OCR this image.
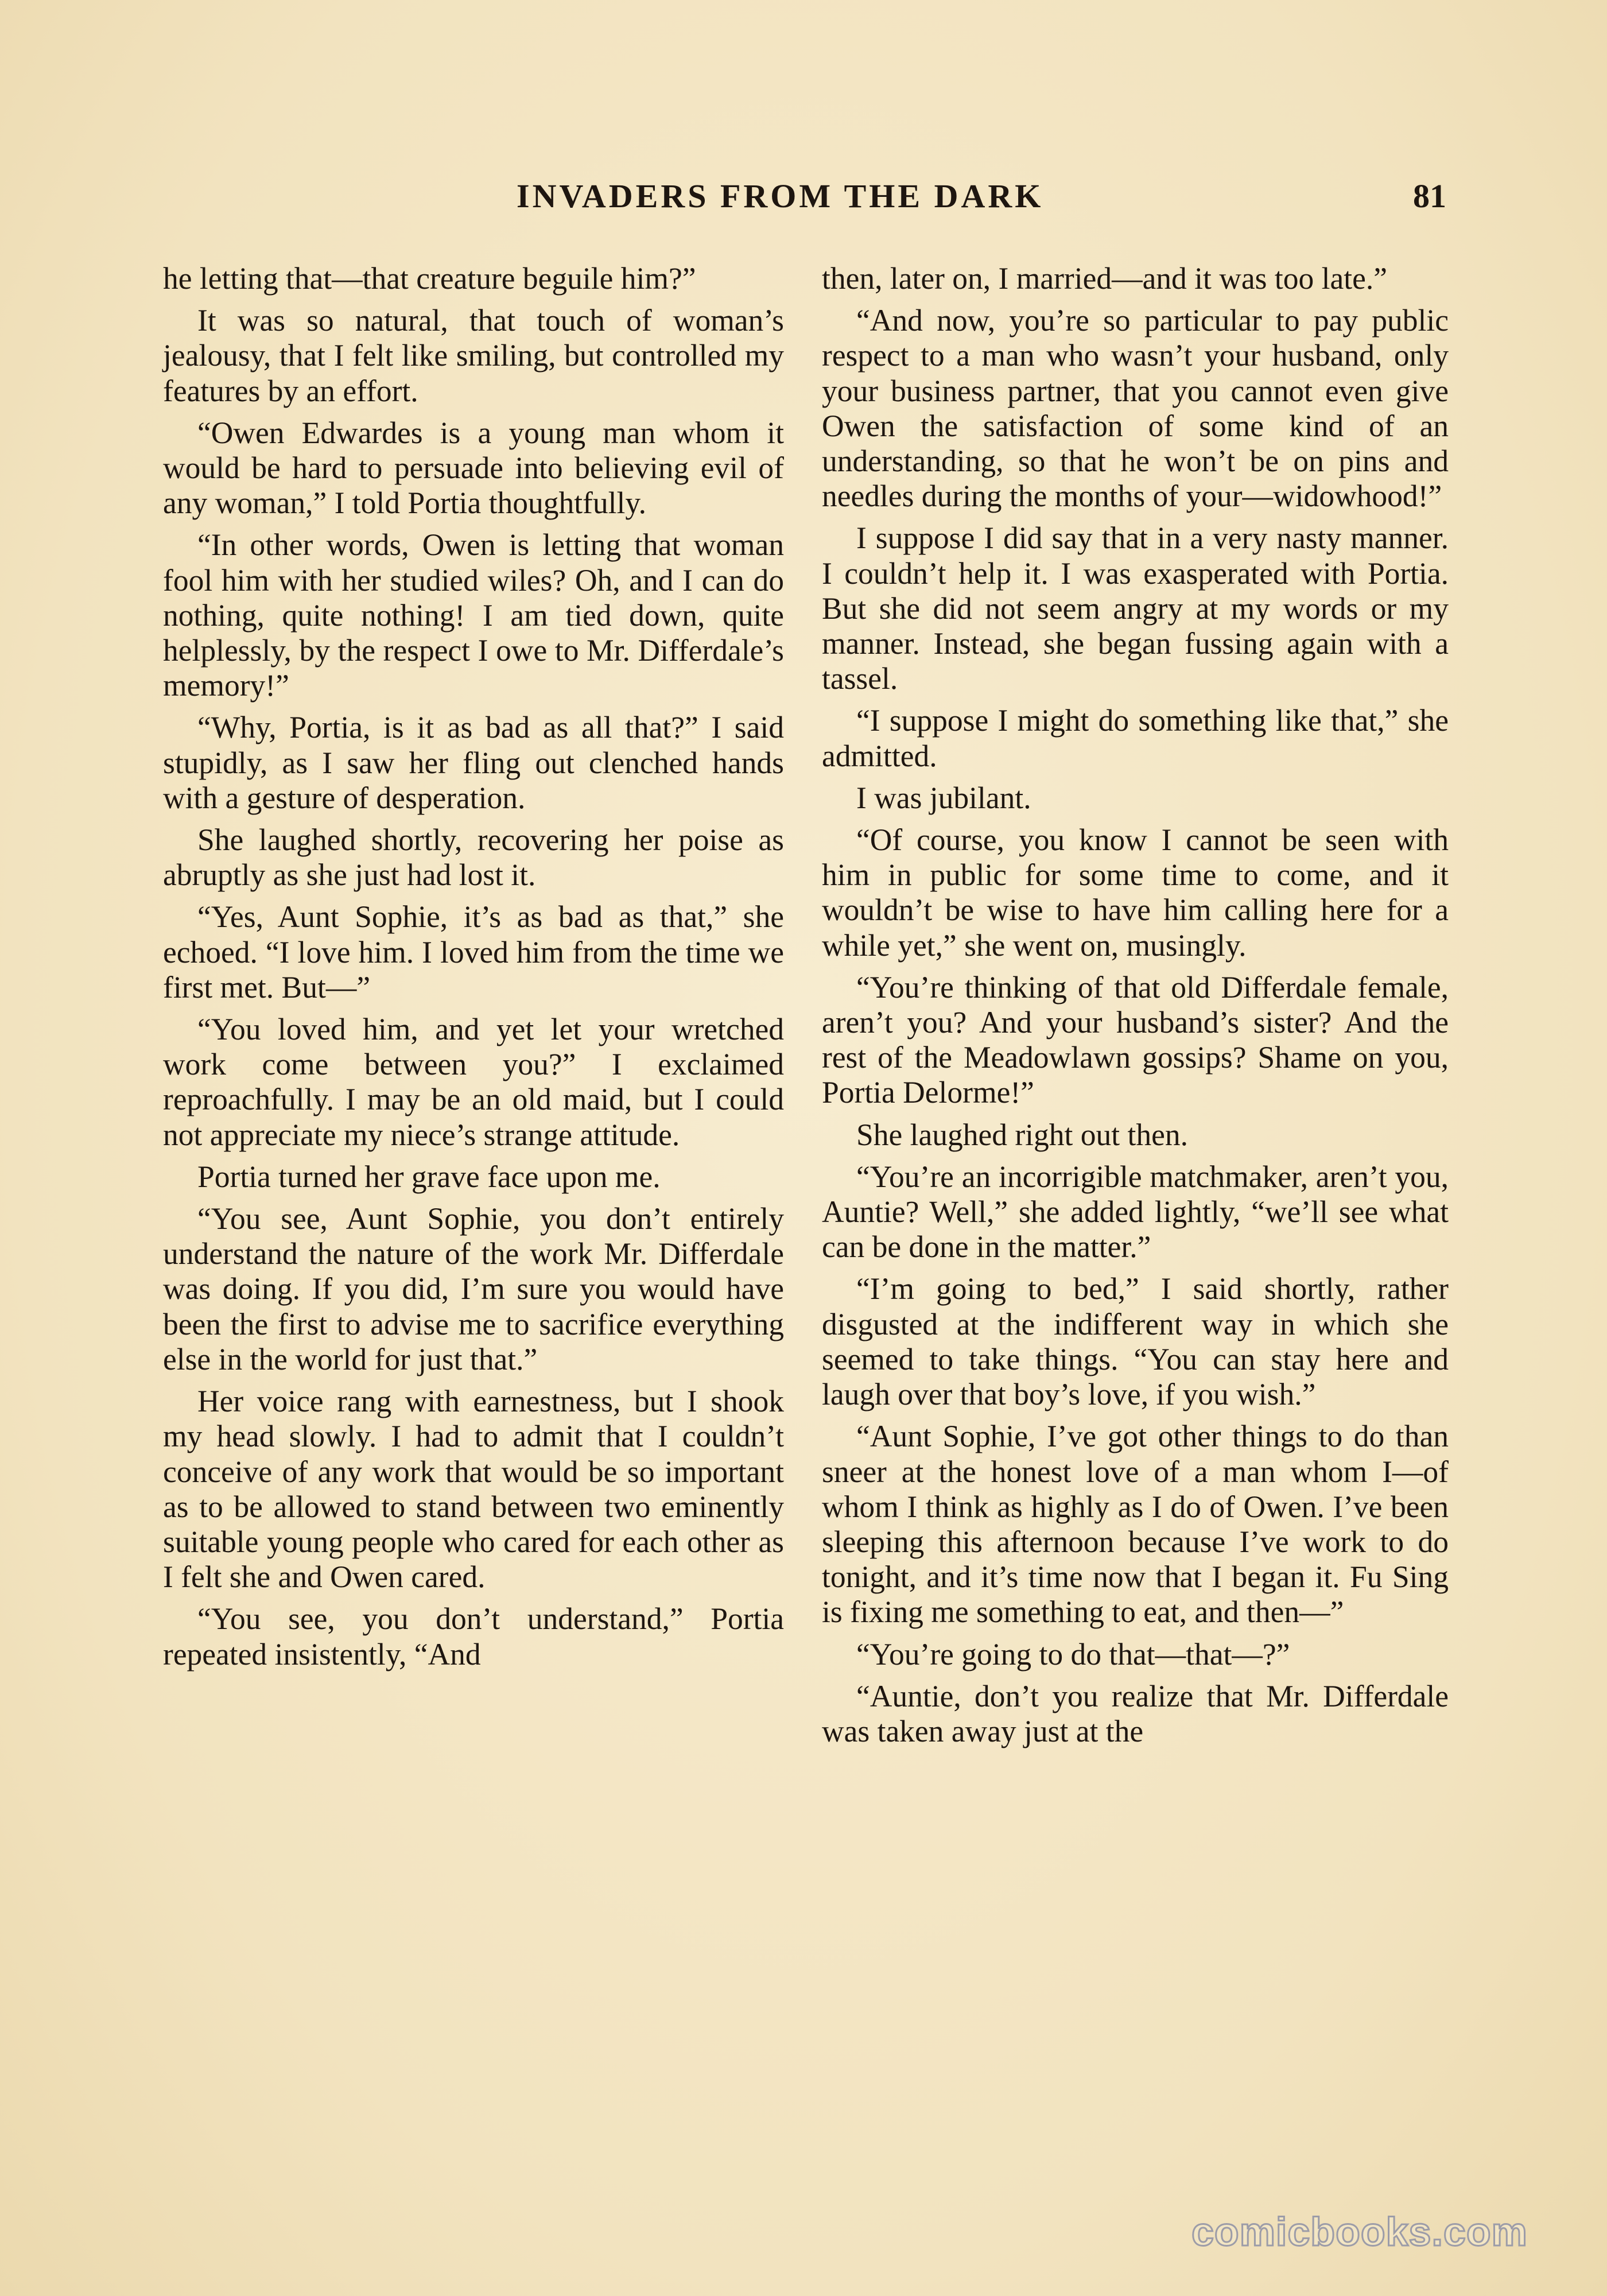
INVADERS FROM THE DARK	81

he letting that—that creature beguile him?”

It was so natural, that touch of woman’s jealousy, that I felt like smiling, but controlled my features by an effort.

“Owen Edwardes is a young man whom it would be hard to persuade into believing evil of any woman,” I told Portia thoughtfully.

“In other words, Owen is letting that woman fool him with her studied wiles? Oh, and I can do nothing, quite nothing! I am tied down, quite helplessly, by the respect I owe to Mr. Differdale’s memory!”

“Why, Portia, is it as bad as all that?” I said stupidly, as I saw her fling out clenched hands with a gesture of desperation.

She laughed shortly, recovering her poise as abruptly as she just had lost it.

“Yes, Aunt Sophie, it’s as bad as that,” she echoed. “I love him. I loved him from the time we first met. But—”

“You loved him, and yet let your wretched work come between you?” I exclaimed reproachfully. I may be an old maid, but I could not appreciate my niece’s strange attitude.

Portia turned her grave face upon me.

“You see, Aunt Sophie, you don’t entirely understand the nature of the work Mr. Differdale was doing. If you did, I’m sure you would have been the first to advise me to sacrifice everything else in the world for just that.”

Her voice rang with earnestness, but I shook my head slowly. I had to admit that I couldn’t conceive of any work that would be so important as to be allowed to stand between two eminently suitable young people who cared for each other as I felt she and Owen cared.

“You see, you don’t understand,” Portia repeated insistently, “And

then, later on, I married—and it was too late.”

“And now, you’re so particular to pay public respect to a man who wasn’t your husband, only your business partner, that you cannot even give Owen the satisfaction of some kind of an understanding, so that he won’t be on pins and needles during the months of your—widowhood!”

I suppose I did say that in a very nasty manner. I couldn’t help it. I was exasperated with Portia. But she did not seem angry at my words or my manner. Instead, she began fussing again with a tassel.

“I suppose I might do something like that,” she admitted.

I was jubilant.

“Of course, you know I cannot be seen with him in public for some time to come, and it wouldn’t be wise to have him calling here for a while yet,” she went on, musingly.

“You’re thinking of that old Differdale female, aren’t you? And your husband’s sister? And the rest of the Meadowlawn gossips? Shame on you, Portia Delorme!”

She laughed right out then.

“You’re an incorrigible matchmaker, aren’t you, Auntie? Well,” she added lightly, “we’ll see what can be done in the matter.”

“I’m going to bed,” I said shortly, rather disgusted at the indifferent way in which she seemed to take things. “You can stay here and laugh over that boy’s love, if you wish.”

“Aunt Sophie, I’ve got other things to do than sneer at the honest love of a man whom I—of whom I think as highly as I do of Owen. I’ve been sleeping this afternoon because I’ve work to do tonight, and it’s time now that I began it. Fu Sing is fixing me something to eat, and then—”

“You’re going to do that—that—?”

“Auntie, don’t you realize that Mr. Differdale was taken away just at the

comicbooks.com
